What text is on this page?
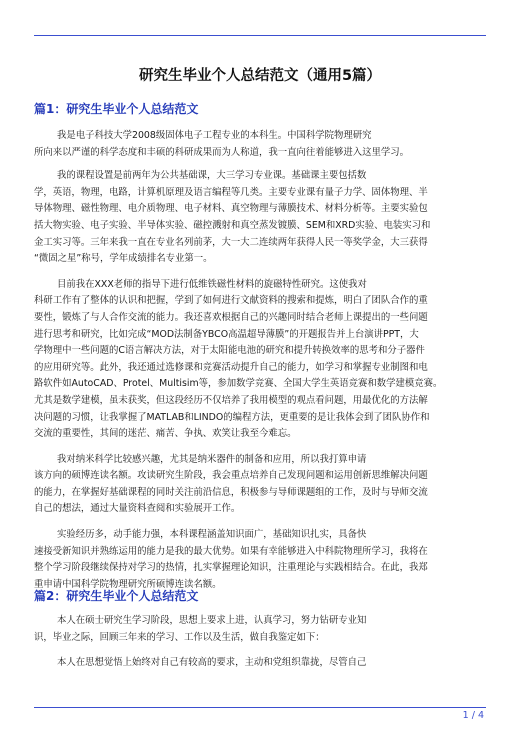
研究生毕业个人总结范文（通用5篇）
篇1：研究生毕业个人总结范文

我是电子科技大学2008级固体电子工程专业的本科生。中国科学院物理研究
所向来以严谨的科学态度和丰硕的科研成果而为人称道，我一直向往着能够进入这里学习。

我的课程设置是前两年为公共基础课，大三学习专业课。基础课主要包括数
学，英语，物理，电路，计算机原理及语言编程等几类。主要专业课有量子力学、固体物理、半
导体物理、磁性物理、电介质物理、电子材料、真空物理与薄膜技术、材料分析等。主要实验包
括大物实验、电子实验、半导体实验、磁控溅射和真空蒸发镀膜、SEM和XRD实验、电装实习和
金工实习等。三年来我一直在专业名列前茅，大一大二连续两年获得人民一等奖学金，大三获得
“微固之星”称号，学年成绩排名专业第一。

目前我在XXX老师的指导下进行低维铁磁性材料的旋磁特性研究。这使我对
科研工作有了整体的认识和把握，学到了如何进行文献资料的搜索和提炼，明白了团队合作的重
要性，锻炼了与人合作交流的能力。我还喜欢根据自己的兴趣同时结合老师上课提出的一些问题
进行思考和研究，比如完成“MOD法制备YBCO高温超导薄膜”的开题报告并上台演讲PPT，大
学物理中一些问题的C语言解决方法，对于太阳能电池的研究和提升转换效率的思考和分子器件
的应用研究等。此外，我还通过选修课和竞赛活动提升自己的能力，如学习和掌握专业制图和电
路软件如AutoCAD、Protel、Multisim等，参加数学竞赛、全国大学生英语竞赛和数学建模竞赛。
尤其是数学建模，虽未获奖，但这段经历不仅培养了我用模型的观点看问题，用最优化的方法解
决问题的习惯，让我掌握了MATLAB和LINDO的编程方法，更重要的是让我体会到了团队协作和
交流的重要性，其间的迷茫、痛苦、争执、欢笑让我至今难忘。

我对纳米科学比较感兴趣，尤其是纳米器件的制备和应用，所以我打算申请
该方向的硕博连读名额。攻读研究生阶段，我会重点培养自己发现问题和运用创新思维解决问题
的能力，在掌握好基础课程的同时关注前沿信息，积极参与导师课题组的工作，及时与导师交流
自己的想法，通过大量资料查阅和实验展开工作。

实验经历多，动手能力强，本科课程涵盖知识面广，基础知识扎实，具备快
速接受新知识并熟练运用的能力是我的最大优势。如果有幸能够进入中科院物理所学习，我将在
整个学习阶段继续保持对学习的热情，扎实掌握理论知识，注重理论与实践相结合。在此，我郑
重申请中国科学院物理研究所硕博连读名额。

篇2：研究生毕业个人总结范文

本人在硕士研究生学习阶段，思想上要求上进，认真学习，努力钻研专业知
识，毕业之际，回顾三年来的学习、工作以及生活，做自我鉴定如下：

本人在思想觉悟上始终对自己有较高的要求，主动和党组织靠拢，尽管自己

1 / 4
